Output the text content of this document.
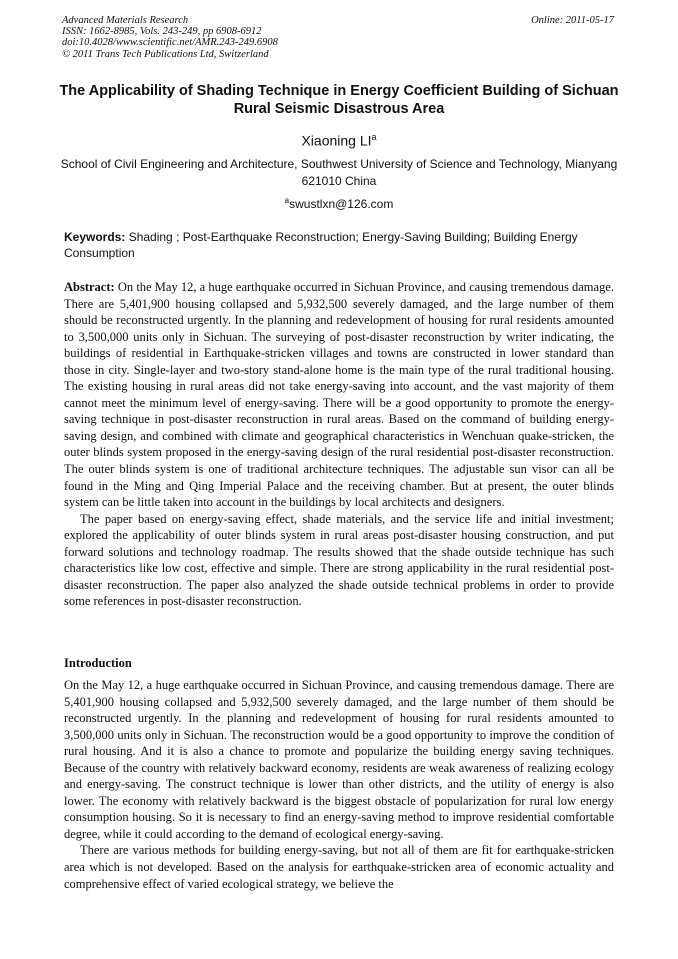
Advanced Materials Research
ISSN: 1662-8985, Vols. 243-249, pp 6908-6912
doi:10.4028/www.scientific.net/AMR.243-249.6908
© 2011 Trans Tech Publications Ltd, Switzerland
Online: 2011-05-17
The Applicability of Shading Technique in Energy Coefficient Building of Sichuan Rural Seismic Disastrous Area
Xiaoning $LI^a$
School of Civil Engineering and Architecture, Southwest University of Science and Technology, Mianyang 621010 China
$^a$swustlxn@126.com
Keywords: Shading ; Post-Earthquake Reconstruction; Energy-Saving Building; Building Energy Consumption

Abstract: On the May 12, a huge earthquake occurred in Sichuan Province, and causing tremendous damage. There are 5,401,900 housing collapsed and 5,932,500 severely damaged, and the large number of them should be reconstructed urgently. In the planning and redevelopment of housing for rural residents amounted to 3,500,000 units only in Sichuan. The surveying of post-disaster reconstruction by writer indicating, the buildings of residential in Earthquake-stricken villages and towns are constructed in lower standard than those in city. Single-layer and two-story stand-alone home is the main type of the rural traditional housing. The existing housing in rural areas did not take energy-saving into account, and the vast majority of them cannot meet the minimum level of energy-saving. There will be a good opportunity to promote the energy-saving technique in post-disaster reconstruction in rural areas. Based on the command of building energy-saving design, and combined with climate and geographical characteristics in Wenchuan quake-stricken, the outer blinds system proposed in the energy-saving design of the rural residential post-disaster reconstruction. The outer blinds system is one of traditional architecture techniques. The adjustable sun visor can all be found in the Ming and Qing Imperial Palace and the receiving chamber. But at present, the outer blinds system can be little taken into account in the buildings by local architects and designers.

The paper based on energy-saving effect, shade materials, and the service life and initial investment; explored the applicability of outer blinds system in rural areas post-disaster housing construction, and put forward solutions and technology roadmap. The results showed that the shade outside technique has such characteristics like low cost, effective and simple. There are strong applicability in the rural residential post-disaster reconstruction. The paper also analyzed the shade outside technical problems in order to provide some references in post-disaster reconstruction.

Introduction

On the May 12, a huge earthquake occurred in Sichuan Province, and causing tremendous damage. There are 5,401,900 housing collapsed and 5,932,500 severely damaged, and the large number of them should be reconstructed urgently. In the planning and redevelopment of housing for rural residents amounted to 3,500,000 units only in Sichuan. The reconstruction would be a good opportunity to improve the condition of rural housing. And it is also a chance to promote and popularize the building energy saving techniques. Because of the country with relatively backward economy, residents are weak awareness of realizing ecology and energy-saving. The construct technique is lower than other districts, and the utility of energy is also lower. The economy with relatively backward is the biggest obstacle of popularization for rural low energy consumption housing. So it is necessary to find an energy-saving method to improve residential comfortable degree, while it could according to the demand of ecological energy-saving.

There are various methods for building energy-saving, but not all of them are fit for earthquake-stricken area which is not developed. Based on the analysis for earthquake-stricken area of economic actuality and comprehensive effect of varied ecological strategy, we believe the
